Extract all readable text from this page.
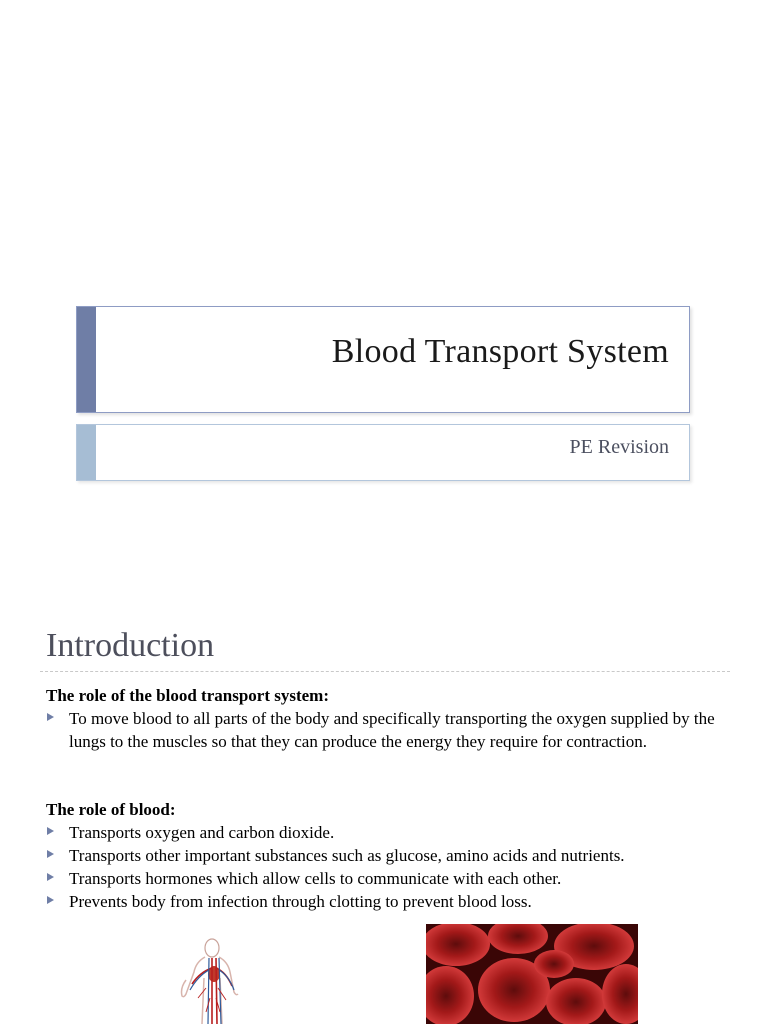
Blood Transport System
PE Revision
Introduction
The role of the blood transport system:
To move blood to all parts of the body and specifically transporting the oxygen supplied by the lungs to the muscles so that they can produce the energy they require for contraction.
The role of blood:
Transports oxygen and carbon dioxide.
Transports other important substances such as glucose, amino acids and nutrients.
Transports hormones which allow cells to communicate with each other.
Prevents body from infection through clotting to prevent blood loss.
